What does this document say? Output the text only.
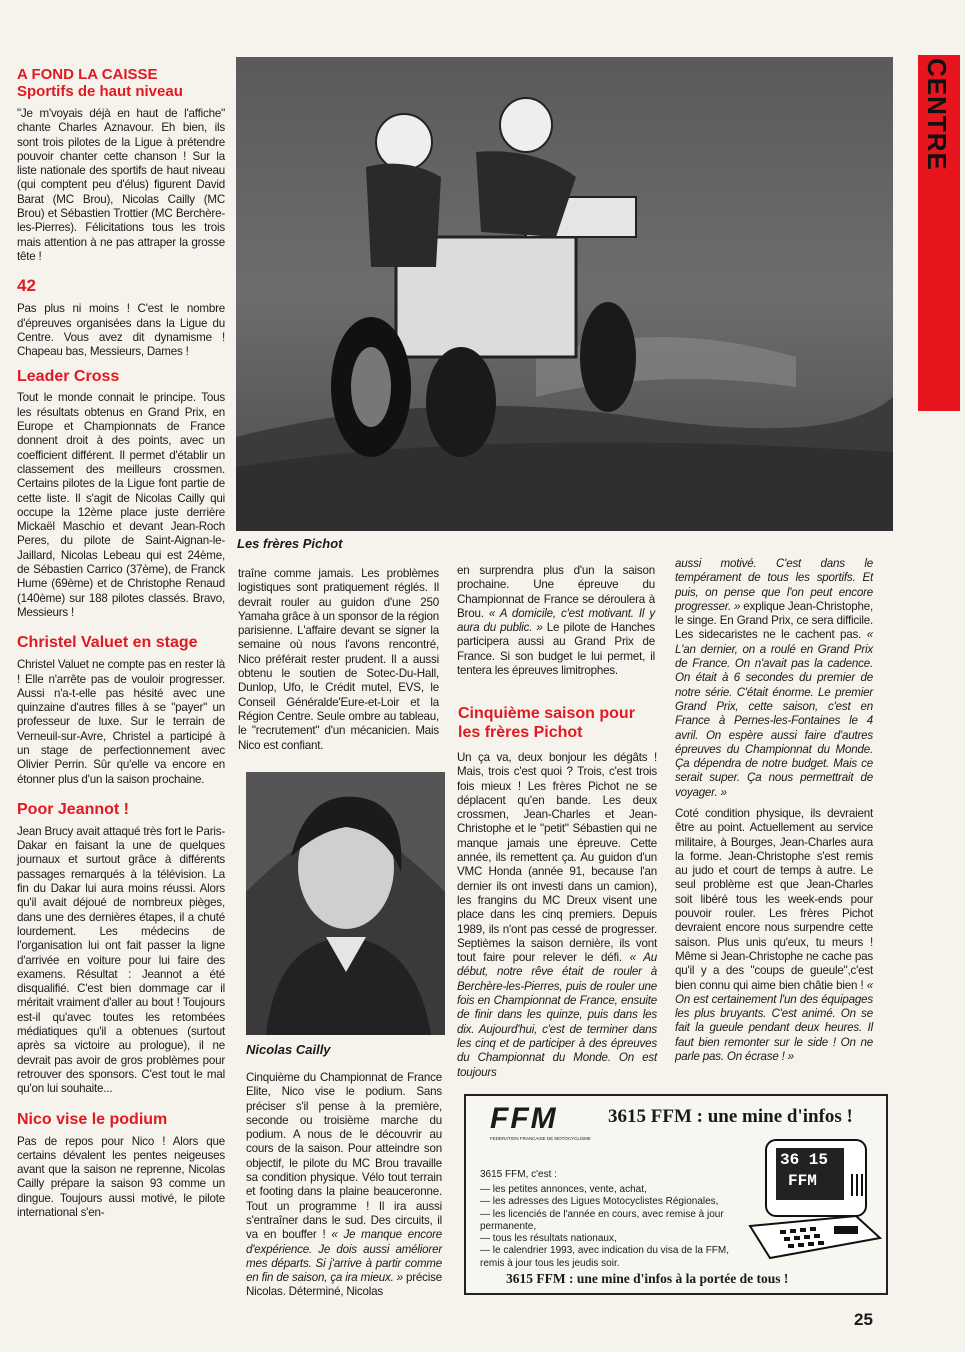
CENTRE
A FOND LA CAISSE
Sportifs de haut niveau

"Je m'voyais déjà en haut de l'affiche" chante Charles Aznavour. Eh bien, ils sont trois pilotes de la Ligue à prétendre pouvoir chanter cette chanson ! Sur la liste nationale des sportifs de haut niveau (qui comptent peu d'élus) figurent David Barat (MC Brou), Nicolas Cailly (MC Brou) et Sébastien Trottier (MC Berchère-les-Pierres). Félicitations tous les trois mais attention à ne pas attraper la grosse tête !

42

Pas plus ni moins ! C'est le nombre d'épreuves organisées dans la Ligue du Centre. Vous avez dit dynamisme ! Chapeau bas, Messieurs, Dames !

Leader Cross

Tout le monde connait le principe. Tous les résultats obtenus en Grand Prix, en Europe et Championnats de France donnent droit à des points, avec un coefficient différent. Il permet d'établir un classement des meilleurs crossmen. Certains pilotes de la Ligue font partie de cette liste. Il s'agit de Nicolas Cailly qui occupe la 12ème place juste derrière Mickaël Maschio et devant Jean-Roch Peres, du pilote de Saint-Aignan-le-Jaillard, Nicolas Lebeau qui est 24ème, de Sébastien Carrico (37ème), de Franck Hume (69ème) et de Christophe Renaud (140ème) sur 188 pilotes classés. Bravo, Messieurs !

Christel Valuet en stage

Christel Valuet ne compte pas en rester là ! Elle n'arrête pas de vouloir progresser. Aussi n'a-t-elle pas hésité avec une quinzaine d'autres filles à se "payer" un professeur de luxe. Sur le terrain de Verneuil-sur-Avre, Christel a participé à un stage de perfectionnement avec Olivier Perrin. Sûr qu'elle va encore en étonner plus d'un la saison prochaine.

Poor Jeannot !

Jean Brucy avait attaqué très fort le Paris-Dakar en faisant la une de quelques journaux et surtout grâce à différents passages remarqués à la télévision. La fin du Dakar lui aura moins réussi. Alors qu'il avait déjoué de nombreux pièges, dans une des dernières étapes, il a chuté lourdement. Les médecins de l'organisation lui ont fait passer la ligne d'arrivée en voiture pour lui faire des examens. Résultat : Jeannot a été disqualifié. C'est bien dommage car il méritait vraiment d'aller au bout ! Toujours est-il qu'avec toutes les retombées médiatiques qu'il a obtenues (surtout après sa victoire au prologue), il ne devrait pas avoir de gros problèmes pour retrouver des sponsors. C'est tout le mal qu'on lui souhaite...

Nico vise le podium

Pas de repos pour Nico ! Alors que certains dévalent les pentes neigeuses avant que la saison ne reprenne, Nicolas Cailly prépare la saison 93 comme un dingue. Toujours aussi motivé, le pilote international s'en-

Les frères Pichot

traîne comme jamais. Les problèmes logistiques sont pratiquement réglés. Il devrait rouler au guidon d'une 250 Yamaha grâce à un sponsor de la région parisienne. L'affaire devant se signer la semaine où nous l'avons rencontré, Nico préférait rester prudent. Il a aussi obtenu le soutien de Sotec-Du-Hall, Dunlop, Ufo, le Crédit mutel, EVS, le Conseil Généralde'Eure-et-Loir et la Région Centre. Seule ombre au tableau, le "recrutement" d'un mécanicien. Mais Nico est confiant.

Nicolas Cailly

Cinquième du Championnat de France Elite, Nico vise le podium. Sans préciser s'il pense à la première, seconde ou troisième marche du podium. A nous de le découvrir au cours de la saison. Pour atteindre son objectif, le pilote du MC Brou travaille sa condition physique. Vélo tout terrain et footing dans la plaine beauceronne. Tout un programme ! Il ira aussi s'entraîner dans le sud. Des circuits, il va en bouffer ! « Je manque encore d'expérience. Je dois aussi améliorer mes départs. Si j'arrive à partir comme en fin de saison, ça ira mieux. » précise Nicolas. Déterminé, Nicolas

en surprendra plus d'un la saison prochaine. Une épreuve du Championnat de France se déroulera à Brou. « A domicile, c'est motivant. Il y aura du public. » Le pilote de Hanches participera aussi au Grand Prix de France. Si son budget le lui permet, il tentera les épreuves limitrophes.

Cinquième saison pour les frères Pichot

Un ça va, deux bonjour les dégâts ! Mais, trois c'est quoi ? Trois, c'est trois fois mieux ! Les frères Pichot ne se déplacent qu'en bande. Les deux crossmen, Jean-Charles et Jean-Christophe et le "petit" Sébastien qui ne manque jamais une épreuve. Cette année, ils remettent ça. Au guidon d'un VMC Honda (année 91, because l'an dernier ils ont investi dans un camion), les frangins du MC Dreux visent une place dans les cinq premiers. Depuis 1989, ils n'ont pas cessé de progresser. Septièmes la saison dernière, ils vont tout faire pour relever le défi. « Au début, notre rêve était de rouler à Berchère-les-Pierres, puis de rouler une fois en Championnat de France, ensuite de finir dans les quinze, puis dans les dix. Aujourd'hui, c'est de terminer dans les cinq et de participer à des épreuves du Championnat du Monde. On est toujours

aussi motivé. C'est dans le tempérament de tous les sportifs. Et puis, on pense que l'on peut encore progresser. » explique Jean-Christophe, le singe. En Grand Prix, ce sera difficile. Les sidecaristes ne le cachent pas. « L'an dernier, on a roulé en Grand Prix de France. On n'avait pas la cadence. On était à 6 secondes du premier de notre série. C'était énorme. Le premier Grand Prix, cette saison, c'est en France à Pernes-les-Fontaines le 4 avril. On espère aussi faire d'autres épreuves du Championnat du Monde. Ça dépendra de notre budget. Mais ce serait super. Ça nous permettrait de voyager. »

Coté condition physique, ils devraient être au point. Actuellement au service militaire, à Bourges, Jean-Charles aura la forme. Jean-Christophe s'est remis au judo et court de temps à autre. Le seul problème est que Jean-Charles soit libéré tous les week-ends pour pouvoir rouler. Les frères Pichot devraient encore nous surpendre cette saison. Plus unis qu'eux, tu meurs ! Même si Jean-Christophe ne cache pas qu'il y a des "coups de gueule",c'est bien connu qui aime bien châtie bien ! « On est certainement l'un des équipages les plus bruyants. C'est animé. On se fait la gueule pendant deux heures. Il faut bien remonter sur le side ! On ne parle pas. On écrase ! »

FFM
FEDERATION FRANCAISE DE MOTOCYCLISME
3615 FFM : une mine d'infos !
3615 FFM, c'est :

— les petites annonces, vente, achat,

— les adresses des Ligues Motocyclistes Régionales,

— les licenciés de l'année en cours, avec remise à jour permanente,

— tous les résultats nationaux,

— le calendrier 1993, avec indication du visa de la FFM, remis à jour tous les jeudis soir.

36 15
FFM
3615 FFM : une mine d'infos à la portée de tous !
25
